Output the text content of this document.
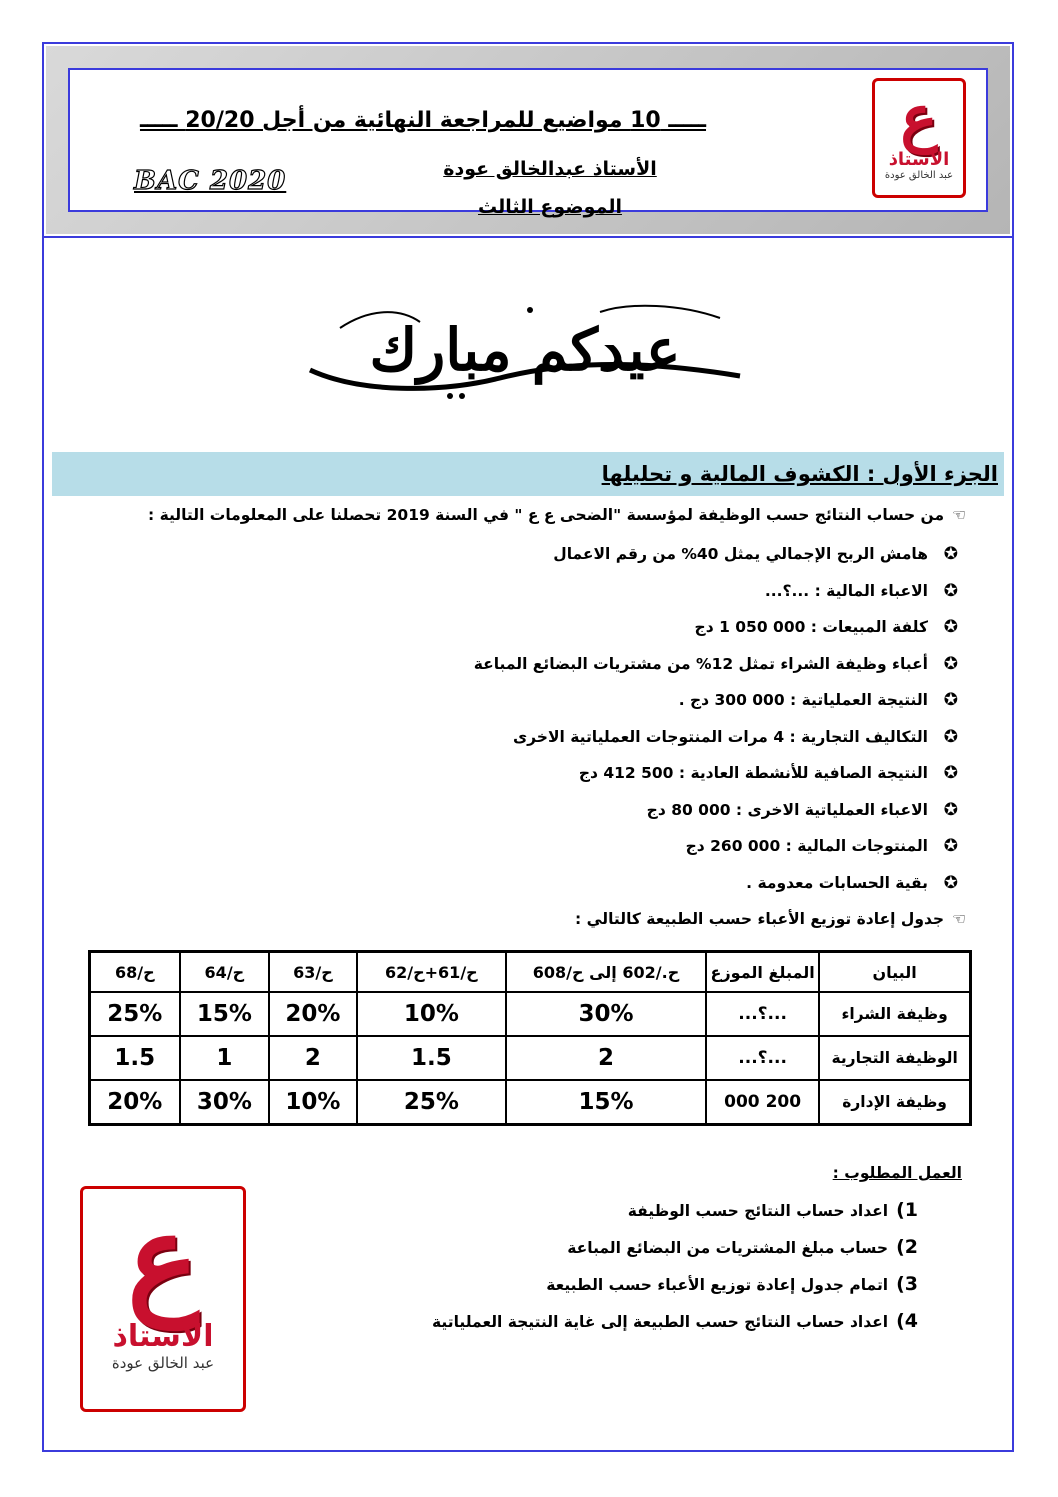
ـــــ 10 مواضيع للمراجعة النهائية من أجل 20/20 ـــــ
الأستاذ عبدالخالق عودة
الموضوع الثالث
BAC 2020
ع
الأستاذ
عبد الخالق عودة
عيدكم مبارك
الجزء الأول : الكشوف المالية و تحليلها
☜من حساب النتائج حسب الوظيفة لمؤسسة "الضحى ع ع " في السنة 2019 تحصلنا على المعلومات التالية :
✪هامش الربح الإجمالي يمثل 40% من رقم الاعمال
✪الاعباء المالية : ...؟...
✪كلفة المبيعات : 000 050 1 دج
✪أعباء وظيفة الشراء تمثل 12% من مشتريات البضائع المباعة
✪النتيجة العملياتية : 000 300 دج .
✪التكاليف التجارية : 4 مرات المنتوجات العملياتية الاخرى
✪النتيجة الصافية للأنشطة العادية : 500 412 دج
✪الاعباء العملياتية الاخرى : 000 80 دج
✪المنتوجات المالية : 000 260 دج
✪بقية الحسابات معدومة .
☜جدول إعادة توزيع الأعباء حسب الطبيعة كالتالي :
البيان	المبلغ الموزع	ح./602 إلى ح/608	ح/61+ح/62	ح/63	ح/64	ح/68
وظيفة الشراء	...؟...	30%	10%	20%	15%	25%
الوظيفة التجارية	...؟...	2	1.5	2	1	1.5
وظيفة الإدارة	200 000	15%	25%	10%	30%	20%
العمل المطلوب :
1)اعداد حساب النتائج حسب الوظيفة
2)حساب مبلغ المشتريات من البضائع المباعة
3)اتمام جدول إعادة توزيع الأعباء حسب الطبيعة
4)اعداد حساب النتائج حسب الطبيعة إلى غاية النتيجة العملياتية
ع
الأستاذ
عبد الخالق عودة
